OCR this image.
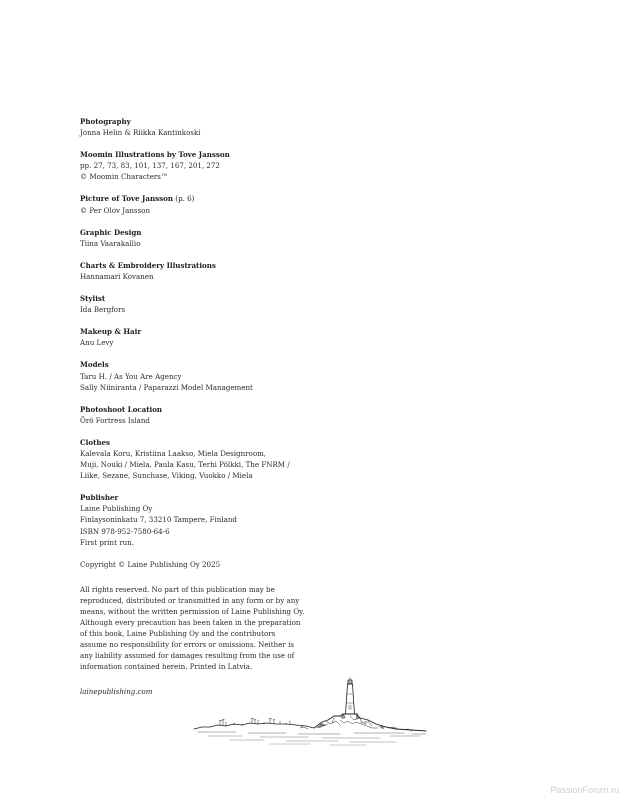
Photography

Jonna Helin & Riikka Kantinkoski

Moomin Illustrations by Tove Jansson

pp. 27, 73, 83, 101, 137, 167, 201, 272

© Moomin Characters™

Picture of Tove Jansson (p. 6)

© Per Olov Jansson

Graphic Design

Tiina Vaarakallio

Charts & Embroidery Illustrations

Hannamari Kovanen

Stylist

Ida Bergfors

Makeup & Hair

Anu Levy

Models

Taru H. / As You Are Agency

Sally Niiniranta / Paparazzi Model Management

Photoshoot Location

Örö Fortress Island

Clothes

Kalevala Koru, Kristiina Laakso, Miela Designroom,

Muji, Nouki / Miela, Paula Kasu, Terhi Pölkki, The FNRM /

Liike, Sezane, Sunchase, Viking, Vuokko / Miela

Publisher

Laine Publishing Oy

Finlaysoninkatu 7, 33210 Tampere, Finland

ISBN 978-952-7580-64-6

First print run.

Copyright © Laine Publishing Oy 2025

All rights reserved. No part of this publication may be

reproduced, distributed or transmitted in any form or by any

means, without the written permission of Laine Publishing Oy.

Although every precaution has been taken in the preparation

of this book, Laine Publishing Oy and the contributors

assume no responsibility for errors or omissions. Neither is

any liability assumed for damages resulting from the use of

information contained herein. Printed in Latvia.

lainepublishing.com

PassionForum.ru
